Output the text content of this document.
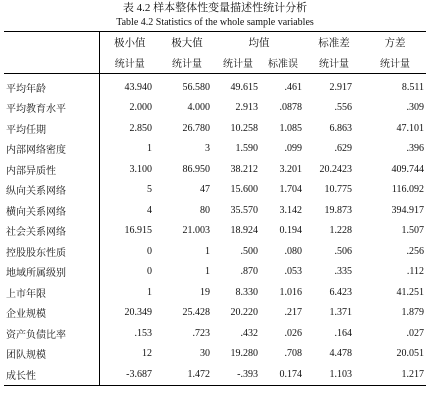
表 4.2 样本整体性变量描述性统计分析
Table 4.2 Statistics of the whole sample variables
	极小值	极大值	均值		标准差	方差
	统计量	统计量	统计量	标准误	统计量	统计量
平均年龄	43.940	56.580	49.615	.461	2.917	8.511
平均教育水平	2.000	4.000	2.913	.0878	.556	.309
平均任期	2.850	26.780	10.258	1.085	6.863	47.101
内部网络密度	1	3	1.590	.099	.629	.396
内部异质性	3.100	86.950	38.212	3.201	20.2423	409.744
纵向关系网络	5	47	15.600	1.704	10.775	116.092
横向关系网络	4	80	35.570	3.142	19.873	394.917
社会关系网络	16.915	21.003	18.924	0.194	1.228	1.507
控股股东性质	0	1	.500	.080	.506	.256
地域所属级别	0	1	.870	.053	.335	.112
上市年限	1	19	8.330	1.016	6.423	41.251
企业规模	20.349	25.428	20.220	.217	1.371	1.879
资产负债比率	.153	.723	.432	.026	.164	.027
团队规模	12	30	19.280	.708	4.478	20.051
成长性	-3.687	1.472	-.393	0.174	1.103	1.217
